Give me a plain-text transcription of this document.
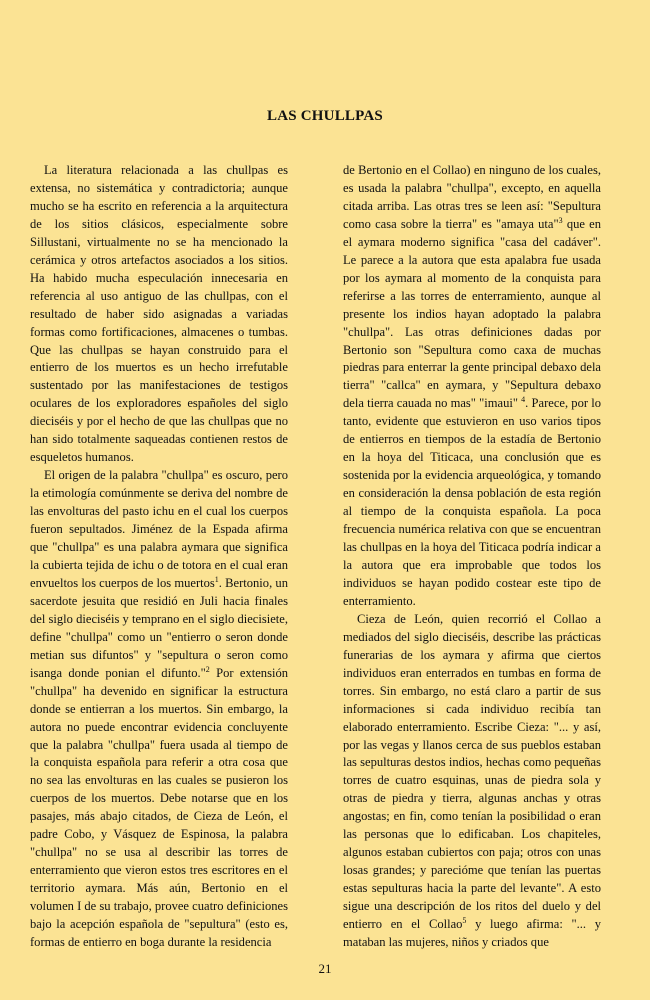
LAS CHULLPAS

La literatura relacionada a las chullpas es extensa, no sistemática y contradictoria; aunque mucho se ha escrito en referencia a la arquitectura de los sitios clásicos, especialmente sobre Sillustani, virtualmente no se ha mencionado la cerámica y otros artefactos asociados a los sitios. Ha habido mucha especulación innecesaria en referencia al uso antiguo de las chullpas, con el resultado de haber sido asignadas a variadas formas como fortificaciones, almacenes o tumbas. Que las chullpas se hayan construido para el entierro de los muertos es un hecho irrefutable sustentado por las manifestaciones de testigos oculares de los exploradores españoles del siglo dieciséis y por el hecho de que las chullpas que no han sido totalmente saqueadas contienen restos de esqueletos humanos.

El origen de la palabra "chullpa" es oscuro, pero la etimología comúnmente se deriva del nombre de las envolturas del pasto ichu en el cual los cuerpos fueron sepultados. Jiménez de la Espada afirma que "chullpa" es una palabra aymara que significa la cubierta tejida de ichu o de totora en el cual eran envueltos los cuerpos de los muertos$^1$. Bertonio, un sacerdote jesuita que residió en Juli hacia finales del siglo dieciséis y temprano en el siglo diecisiete, define "chullpa" como un "entierro o seron donde metian sus difuntos" y "sepultura o seron como isanga donde ponian el difunto."$^2$ Por extensión "chullpa" ha devenido en significar la estructura donde se entierran a los muertos. Sin embargo, la autora no puede encontrar evidencia concluyente que la palabra "chullpa" fuera usada al tiempo de la conquista española para referir a otra cosa que no sea las envolturas en las cuales se pusieron los cuerpos de los muertos. Debe notarse que en los pasajes, más abajo citados, de Cieza de León, el padre Cobo, y Vásquez de Espinosa, la palabra "chullpa" no se usa al describir las torres de enterramiento que vieron estos tres escritores en el territorio aymara. Más aún, Bertonio en el volumen I de su trabajo, provee cuatro definiciones bajo la acepción española de "sepultura" (esto es, formas de entierro en boga durante la residencia

de Bertonio en el Collao) en ninguno de los cuales, es usada la palabra "chullpa", excepto, en aquella citada arriba. Las otras tres se leen así: "Sepultura como casa sobre la tierra" es "amaya uta"$^3$ que en el aymara moderno significa "casa del cadáver". Le parece a la autora que esta apalabra fue usada por los aymara al momento de la conquista para referirse a las torres de enterramiento, aunque al presente los indios hayan adoptado la palabra "chullpa". Las otras definiciones dadas por Bertonio son "Sepultura como caxa de muchas piedras para enterrar la gente principal debaxo dela tierra" "callca" en aymara, y "Sepultura debaxo dela tierra cauada no mas" "imaui" $^4$. Parece, por lo tanto, evidente que estuvieron en uso varios tipos de entierros en tiempos de la estadía de Bertonio en la hoya del Titicaca, una conclusión que es sostenida por la evidencia arqueológica, y tomando en consideración la densa población de esta región al tiempo de la conquista española. La poca frecuencia numérica relativa con que se encuentran las chullpas en la hoya del Titicaca podría indicar a la autora que era improbable que todos los individuos se hayan podido costear este tipo de enterramiento.

Cieza de León, quien recorrió el Collao a mediados del siglo dieciséis, describe las prácticas funerarias de los aymara y afirma que ciertos individuos eran enterrados en tumbas en forma de torres. Sin embargo, no está claro a partir de sus informaciones si cada individuo recibía tan elaborado enterramiento. Escribe Cieza: "... y así, por las vegas y llanos cerca de sus pueblos estaban las sepulturas destos indios, hechas como pequeñas torres de cuatro esquinas, unas de piedra sola y otras de piedra y tierra, algunas anchas y otras angostas; en fin, como tenían la posibilidad o eran las personas que lo edificaban. Los chapiteles, algunos estaban cubiertos con paja; otros con unas losas grandes; y parecióme que tenían las puertas estas sepulturas hacia la parte del levante". A esto sigue una descripción de los ritos del duelo y del entierro en el Collao$^5$ y luego afirma: "... y mataban las mujeres, niños y criados que

21
